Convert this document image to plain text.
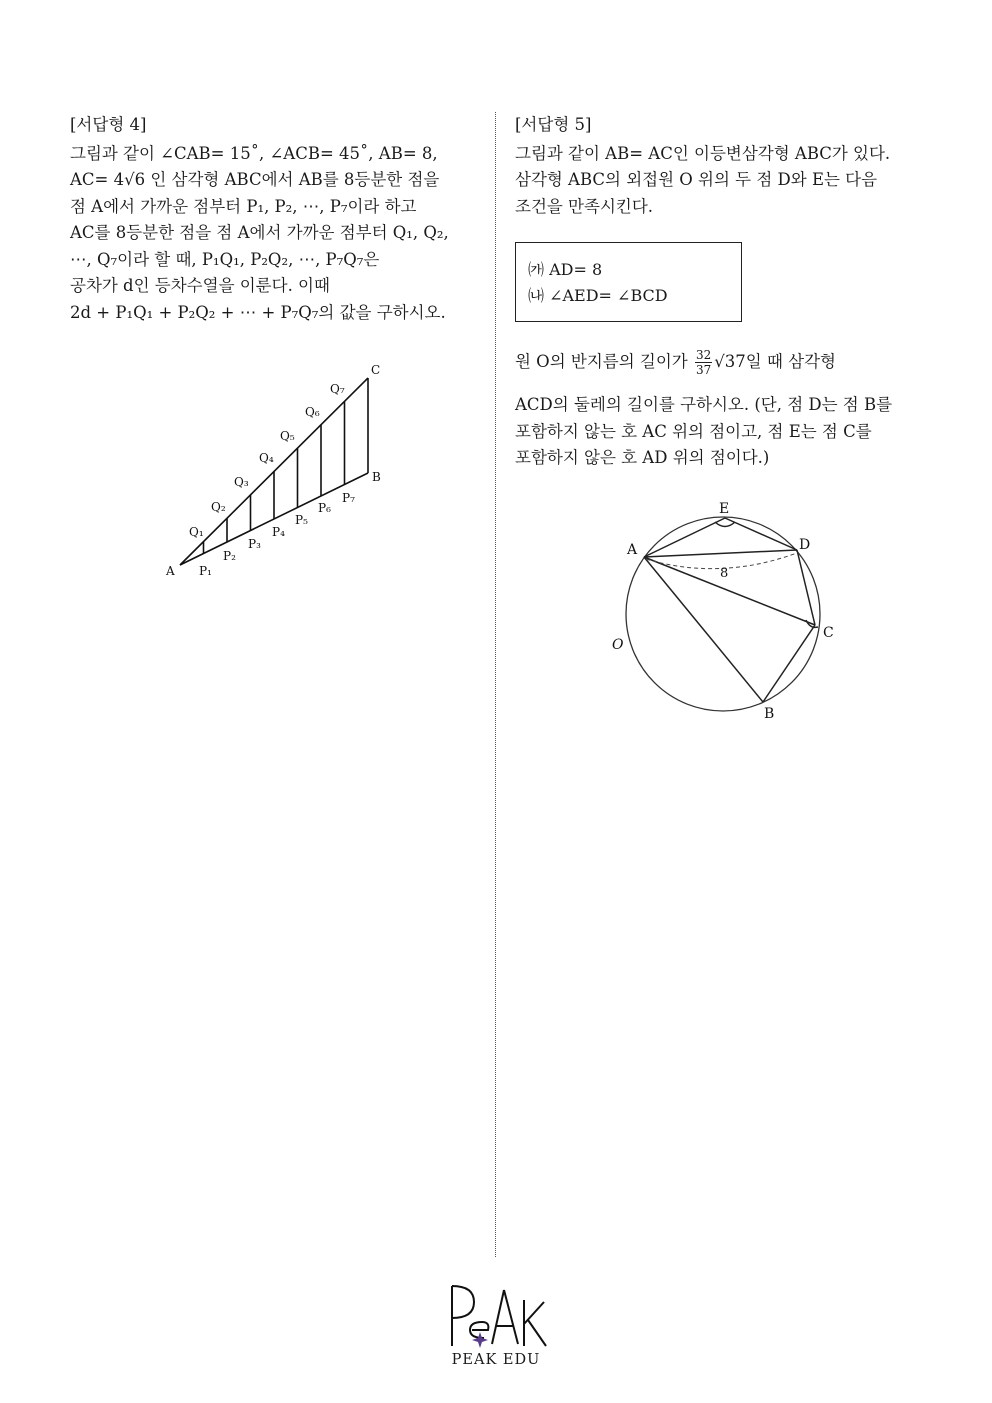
[서답형 4]
그림과 같이 ∠CAB= 15˚, ∠ACB= 45˚, AB= 8,
AC= 4√6 인 삼각형 ABC에서 AB를 8등분한 점을
점 A에서 가까운 점부터 P₁, P₂, ⋯, P₇이라 하고
AC를 8등분한 점을 점 A에서 가까운 점부터 Q₁, Q₂,
⋯, Q₇이라 할 때, P₁Q₁, P₂Q₂, ⋯, P₇Q₇은
공차가 d인 등차수열을 이룬다. 이때
2d + P₁Q₁ + P₂Q₂ + ⋯ + P₇Q₇의 값을 구하시오.
A
B
C
P₁
P₂
P₃
P₄
P₅
P₆
P₇
Q₁
Q₂
Q₃
Q₄
Q₅
Q₆
Q₇
[서답형 5]
그림과 같이 AB= AC인 이등변삼각형 ABC가 있다.
삼각형 ABC의 외접원 O 위의 두 점 D와 E는 다음
조건을 만족시킨다.
㈎ AD= 8
㈏ ∠AED= ∠BCD
원 O의 반지름의 길이가 $\frac{32}{37} √37$일 때 삼각형
ACD의 둘레의 길이를 구하시오. (단, 점 D는 점 B를
포함하지 않는 호 AC 위의 점이고, 점 E는 점 C를
포함하지 않은 호 AD 위의 점이다.)
A
E
D
C
B
O
8
PEAK EDU
